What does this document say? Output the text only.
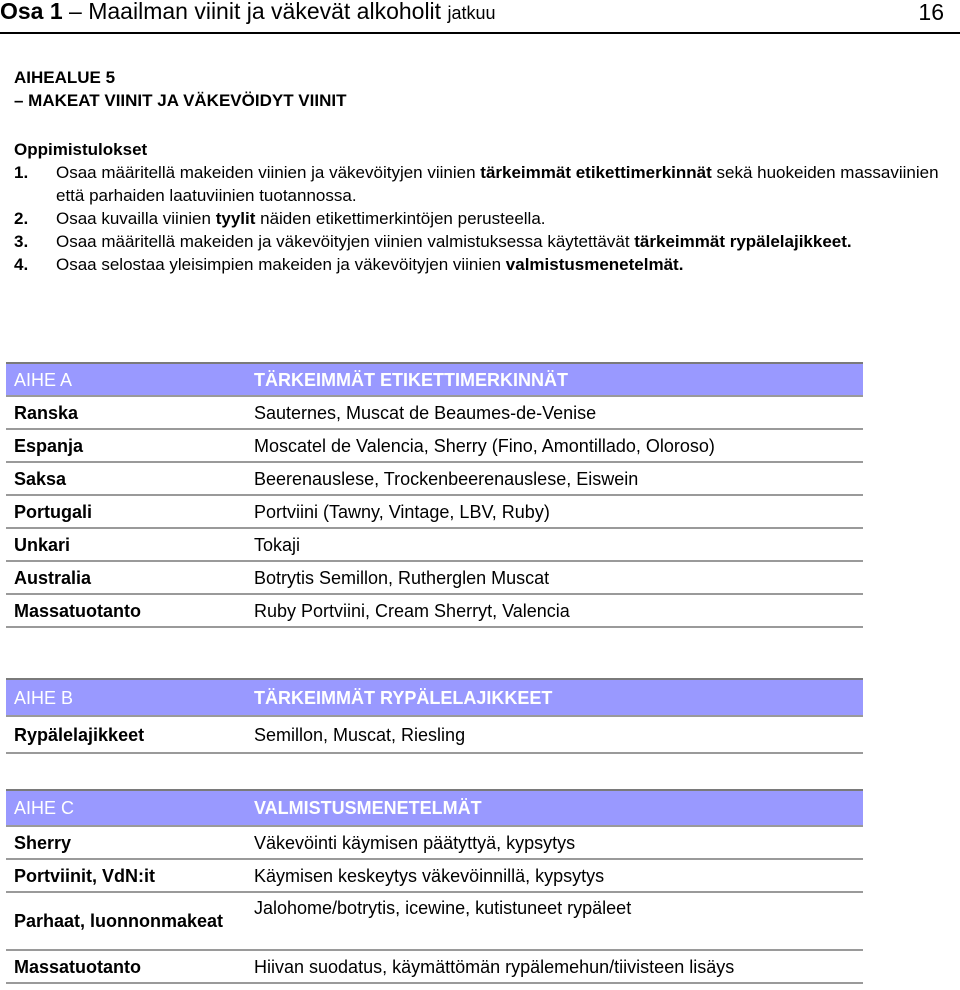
Osa 1 – Maailman viinit ja väkevät alkoholit jatkuu	16
AIHEALUE 5
– MAKEAT VIINIT JA VÄKEVÖIDYT VIINIT
Oppimistulokset
1. Osaa määritellä makeiden viinien ja väkevöityjen viinien tärkeimmät etikettimerkinnät sekä huokeiden massaviinien että parhaiden laatuviinien tuotannossa.
2. Osaa kuvailla viinien tyylit näiden etikettimerkintöjen perusteella.
3. Osaa määritellä makeiden ja väkevöityjen viinien valmistuksessa käytettävät tärkeimmät rypälelajikkeet.
4. Osaa selostaa yleisimpien makeiden ja väkevöityjen viinien valmistusmenetelmät.
AIHE A	TÄRKEIMMÄT ETIKETTIMERKINNÄT
Ranska	Sauternes, Muscat de Beaumes-de-Venise
Espanja	Moscatel de Valencia, Sherry (Fino, Amontillado, Oloroso)
Saksa	Beerenauslese, Trockenbeerenauslese, Eiswein
Portugali	Portviini (Tawny, Vintage, LBV, Ruby)
Unkari	Tokaji
Australia	Botrytis Semillon, Rutherglen Muscat
Massatuotanto	Ruby Portviini, Cream Sherryt, Valencia
AIHE B	TÄRKEIMMÄT RYPÄLELAJIKKEET
Rypälelajikkeet	Semillon, Muscat, Riesling
AIHE C	VALMISTUSMENETELMÄT
Sherry	Väkevöinti käymisen päätyttyä, kypsytys
Portviinit, VdN:it	Käymisen keskeytys väkevöinnillä, kypsytys
Parhaat, luonnonmakeat	Jalohome/botrytis, icewine, kutistuneet rypäleet
Massatuotanto	Hiivan suodatus, käymättömän rypälemehun/tiivisteen lisäys
